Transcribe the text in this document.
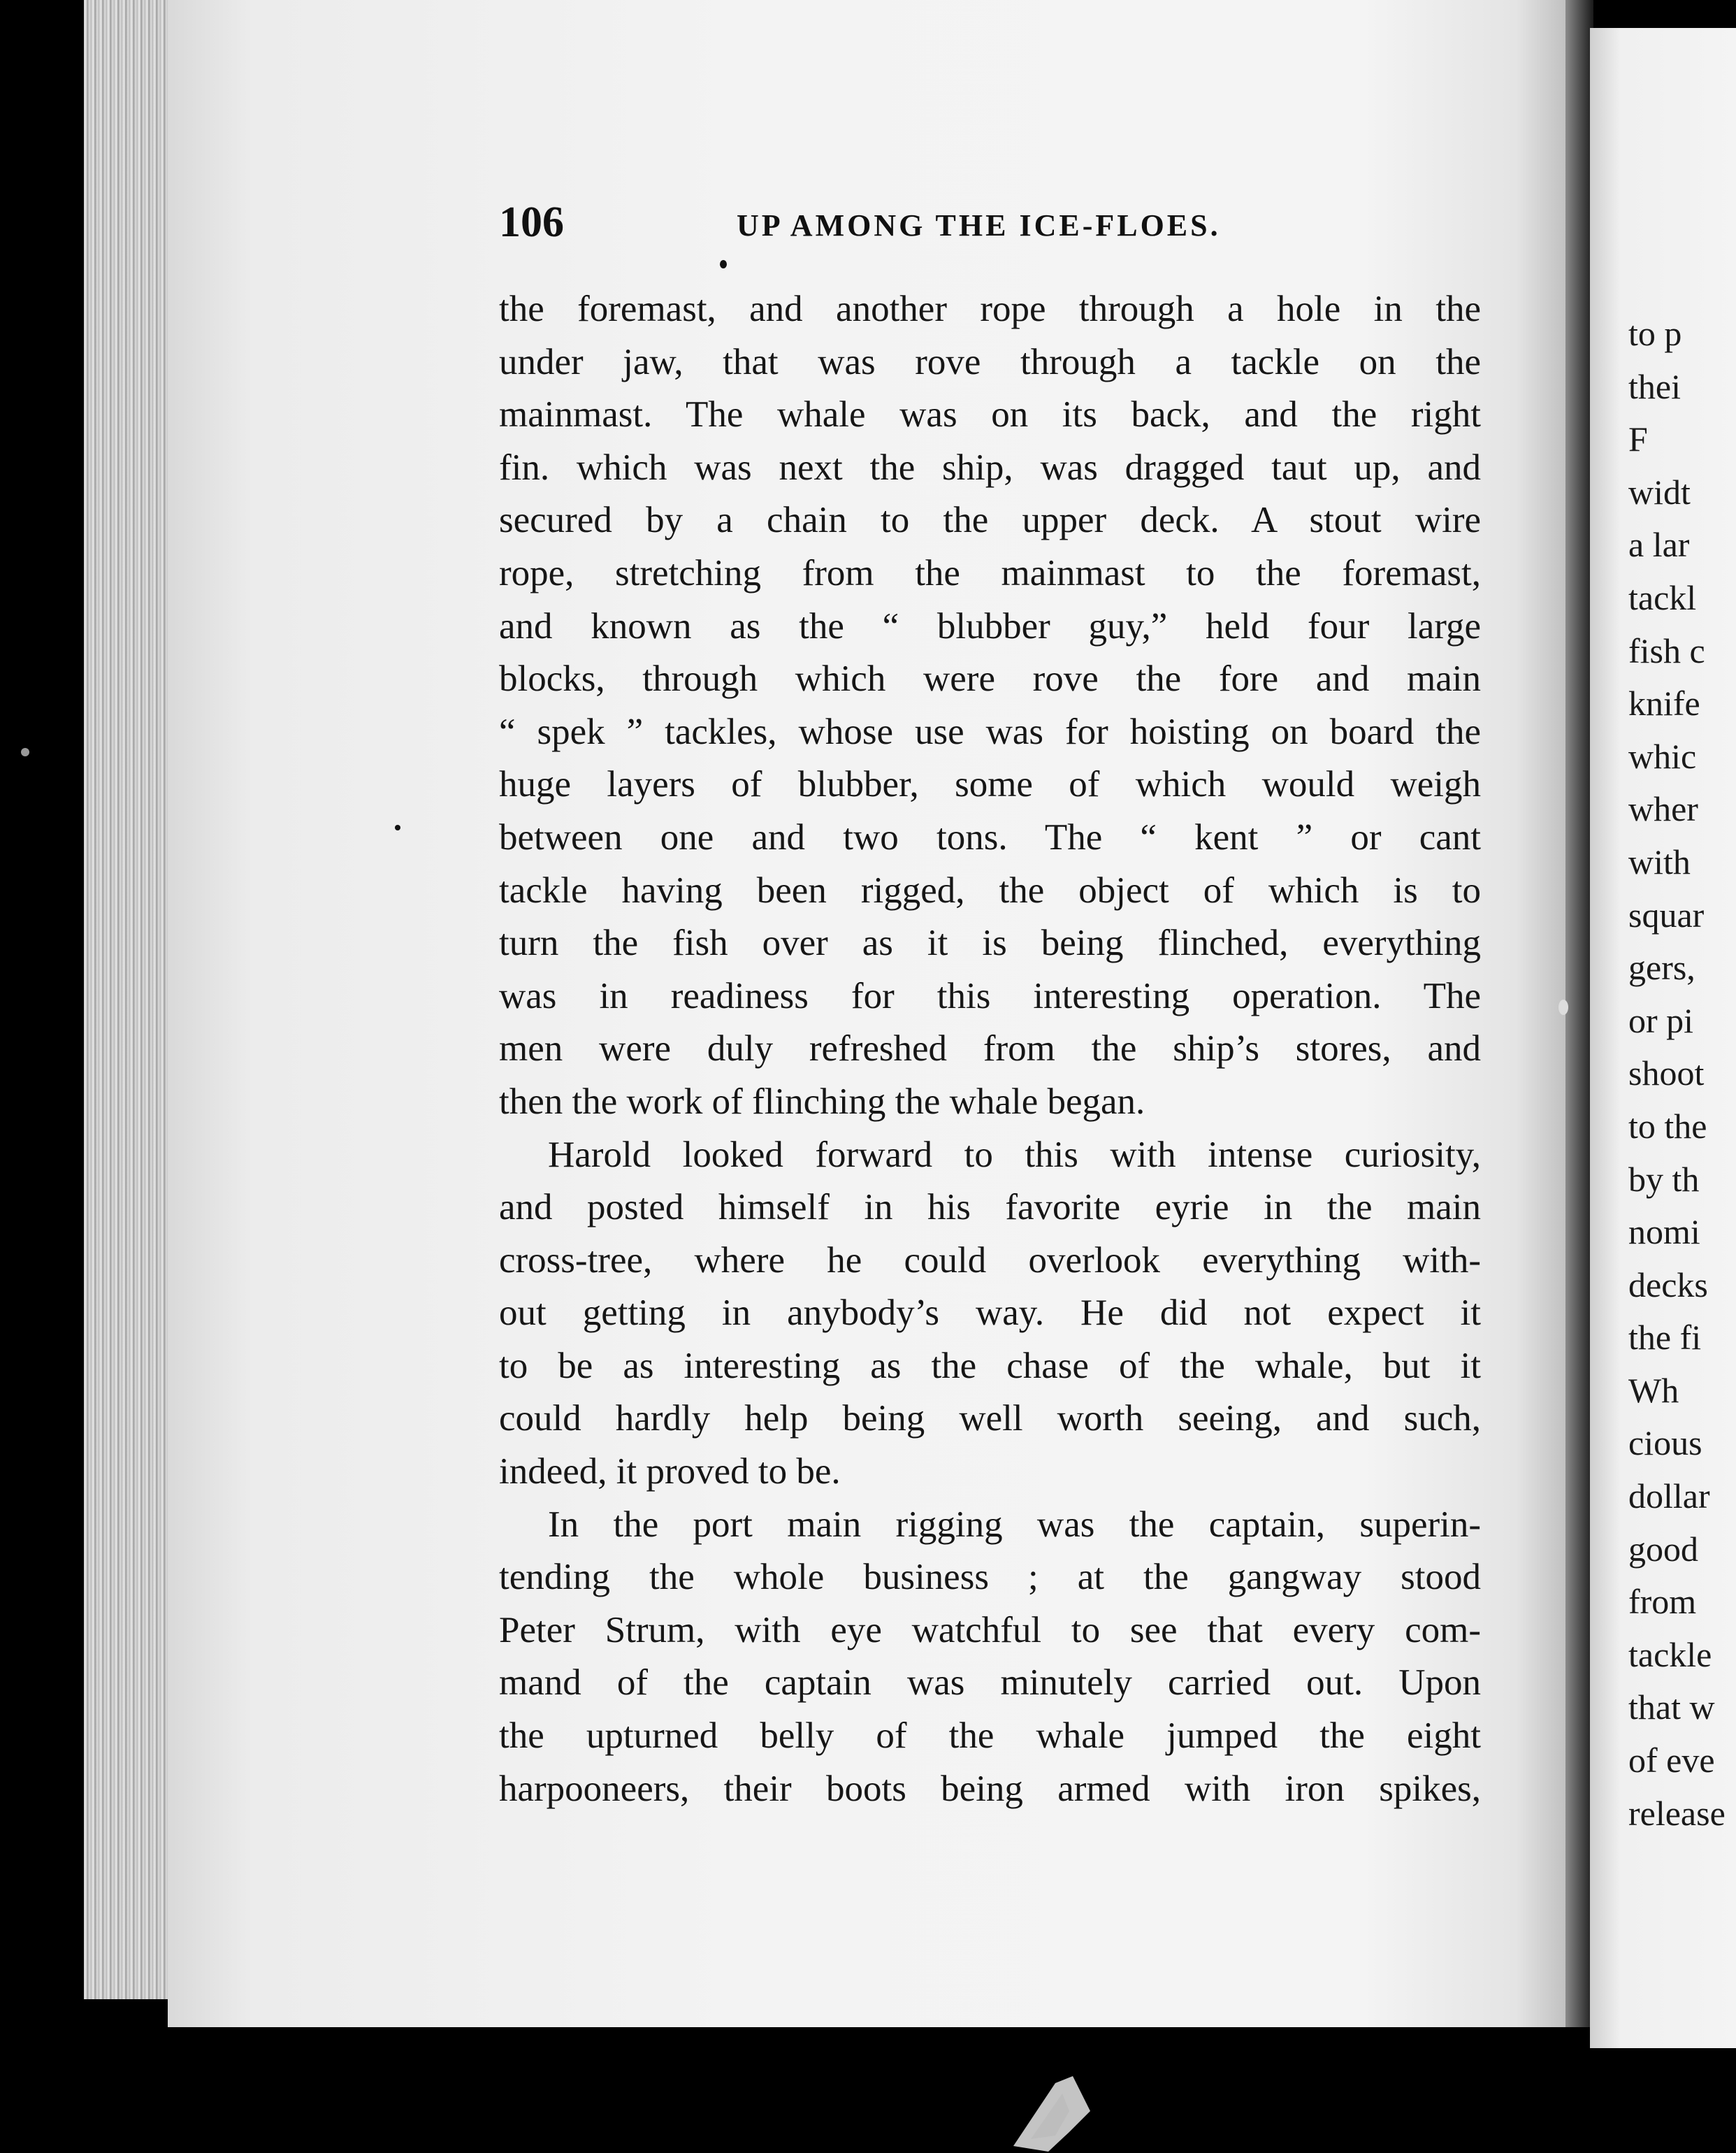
106	UP AMONG THE ICE-FLOES.
the foremast, and another rope through a hole in the
under jaw, that was rove through a tackle on the
mainmast. The whale was on its back, and the right
fin. which was next the ship, was dragged taut up, and
secured by a chain to the upper deck. A stout wire
rope, stretching from the mainmast to the foremast,
and known as the “ blubber guy,” held four large
blocks, through which were rove the fore and main
“ spek ” tackles, whose use was for hoisting on board the
huge layers of blubber, some of which would weigh
between one and two tons. The “ kent ” or cant
tackle having been rigged, the object of which is to
turn the fish over as it is being flinched, everything
was in readiness for this interesting operation. The
men were duly refreshed from the ship’s stores, and
then the work of flinching the whale began.
Harold looked forward to this with intense curiosity,
and posted himself in his favorite eyrie in the main
cross-tree, where he could overlook everything with-
out getting in anybody’s way. He did not expect it
to be as interesting as the chase of the whale, but it
could hardly help being well worth seeing, and such,
indeed, it proved to be.
In the port main rigging was the captain, superin-
tending the whole business ; at the gangway stood
Peter Strum, with eye watchful to see that every com-
mand of the captain was minutely carried out. Upon
the upturned belly of the whale jumped the eight
harpooneers, their boots being armed with iron spikes,
to p
thei
F
widt
a lar
tackl
fish c
knife
whic
wher
with
squar
gers,
or pi
shoot
to the
by th
nomi
decks
the fi
Wh
cious
dollar
good
from
tackle
that w
of eve
release
